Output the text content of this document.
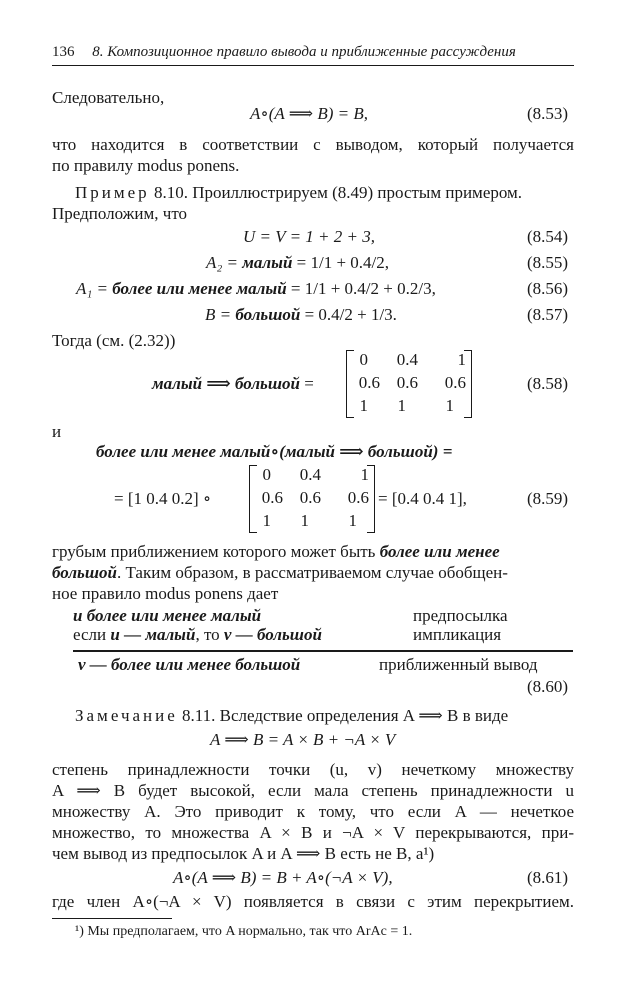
136 8. Композиционное правило вывода и приближенные рассуждения
Следовательно,
A∘(A ⟹ B) = B,	(8.53)
что находится в соответствии с выводом, который получается
по правилу modus ponens.
Пример 8.10. Проиллюстрируем (8.49) простым примером.
Предположим, что
U = V = 1 + 2 + 3,	(8.54)
A₂ = малый = 1/1 + 0.4/2,	(8.55)
A₁ = более или менее малый = 1/1 + 0.4/2 + 0.2/3,	(8.56)
B = большой = 0.4/2 + 1/3.	(8.57)
Тогда (см. (2.32))
малый ⟹ большой =
0	0.4	1
0.6 0.6	0.6
1	1	1
(8.58)
и
более или менее малый∘(малый ⟹ большой) =
= [1 0.4 0.2] ∘
0	0.4	1
0.6 0.6	0.6
1	1	1
= [0.4 0.4 1],	(8.59)
грубым приближением которого может быть более или менее
большой. Таким образом, в рассматриваемом случае обобщен-
ное правило modus ponens дает
и более или менее малый	предпосылка
если u — малый, то v — большой	импликация
v — более или менее большой	приближенный вывод
(8.60)
Замечание 8.11. Вследствие определения A ⟹ B в виде
A ⟹ B = A × B + ¬A × V
степень принадлежности точки (u, v) нечеткому множеству
A ⟹ B будет высокой, если мала степень принадлежности u
множеству A. Это приводит к тому, что если A — нечеткое
множество, то множества A × B и ¬A × V перекрываются, при-
чем вывод из предпосылок A и A ⟹ B есть не B, а¹)
A∘(A ⟹ B) = B + A∘(¬A × V),	(8.61)
где член A∘(¬A × V) появляется в связи с этим перекрытием.
¹) Мы предполагаем, что A нормально, так что ArAc = 1.
